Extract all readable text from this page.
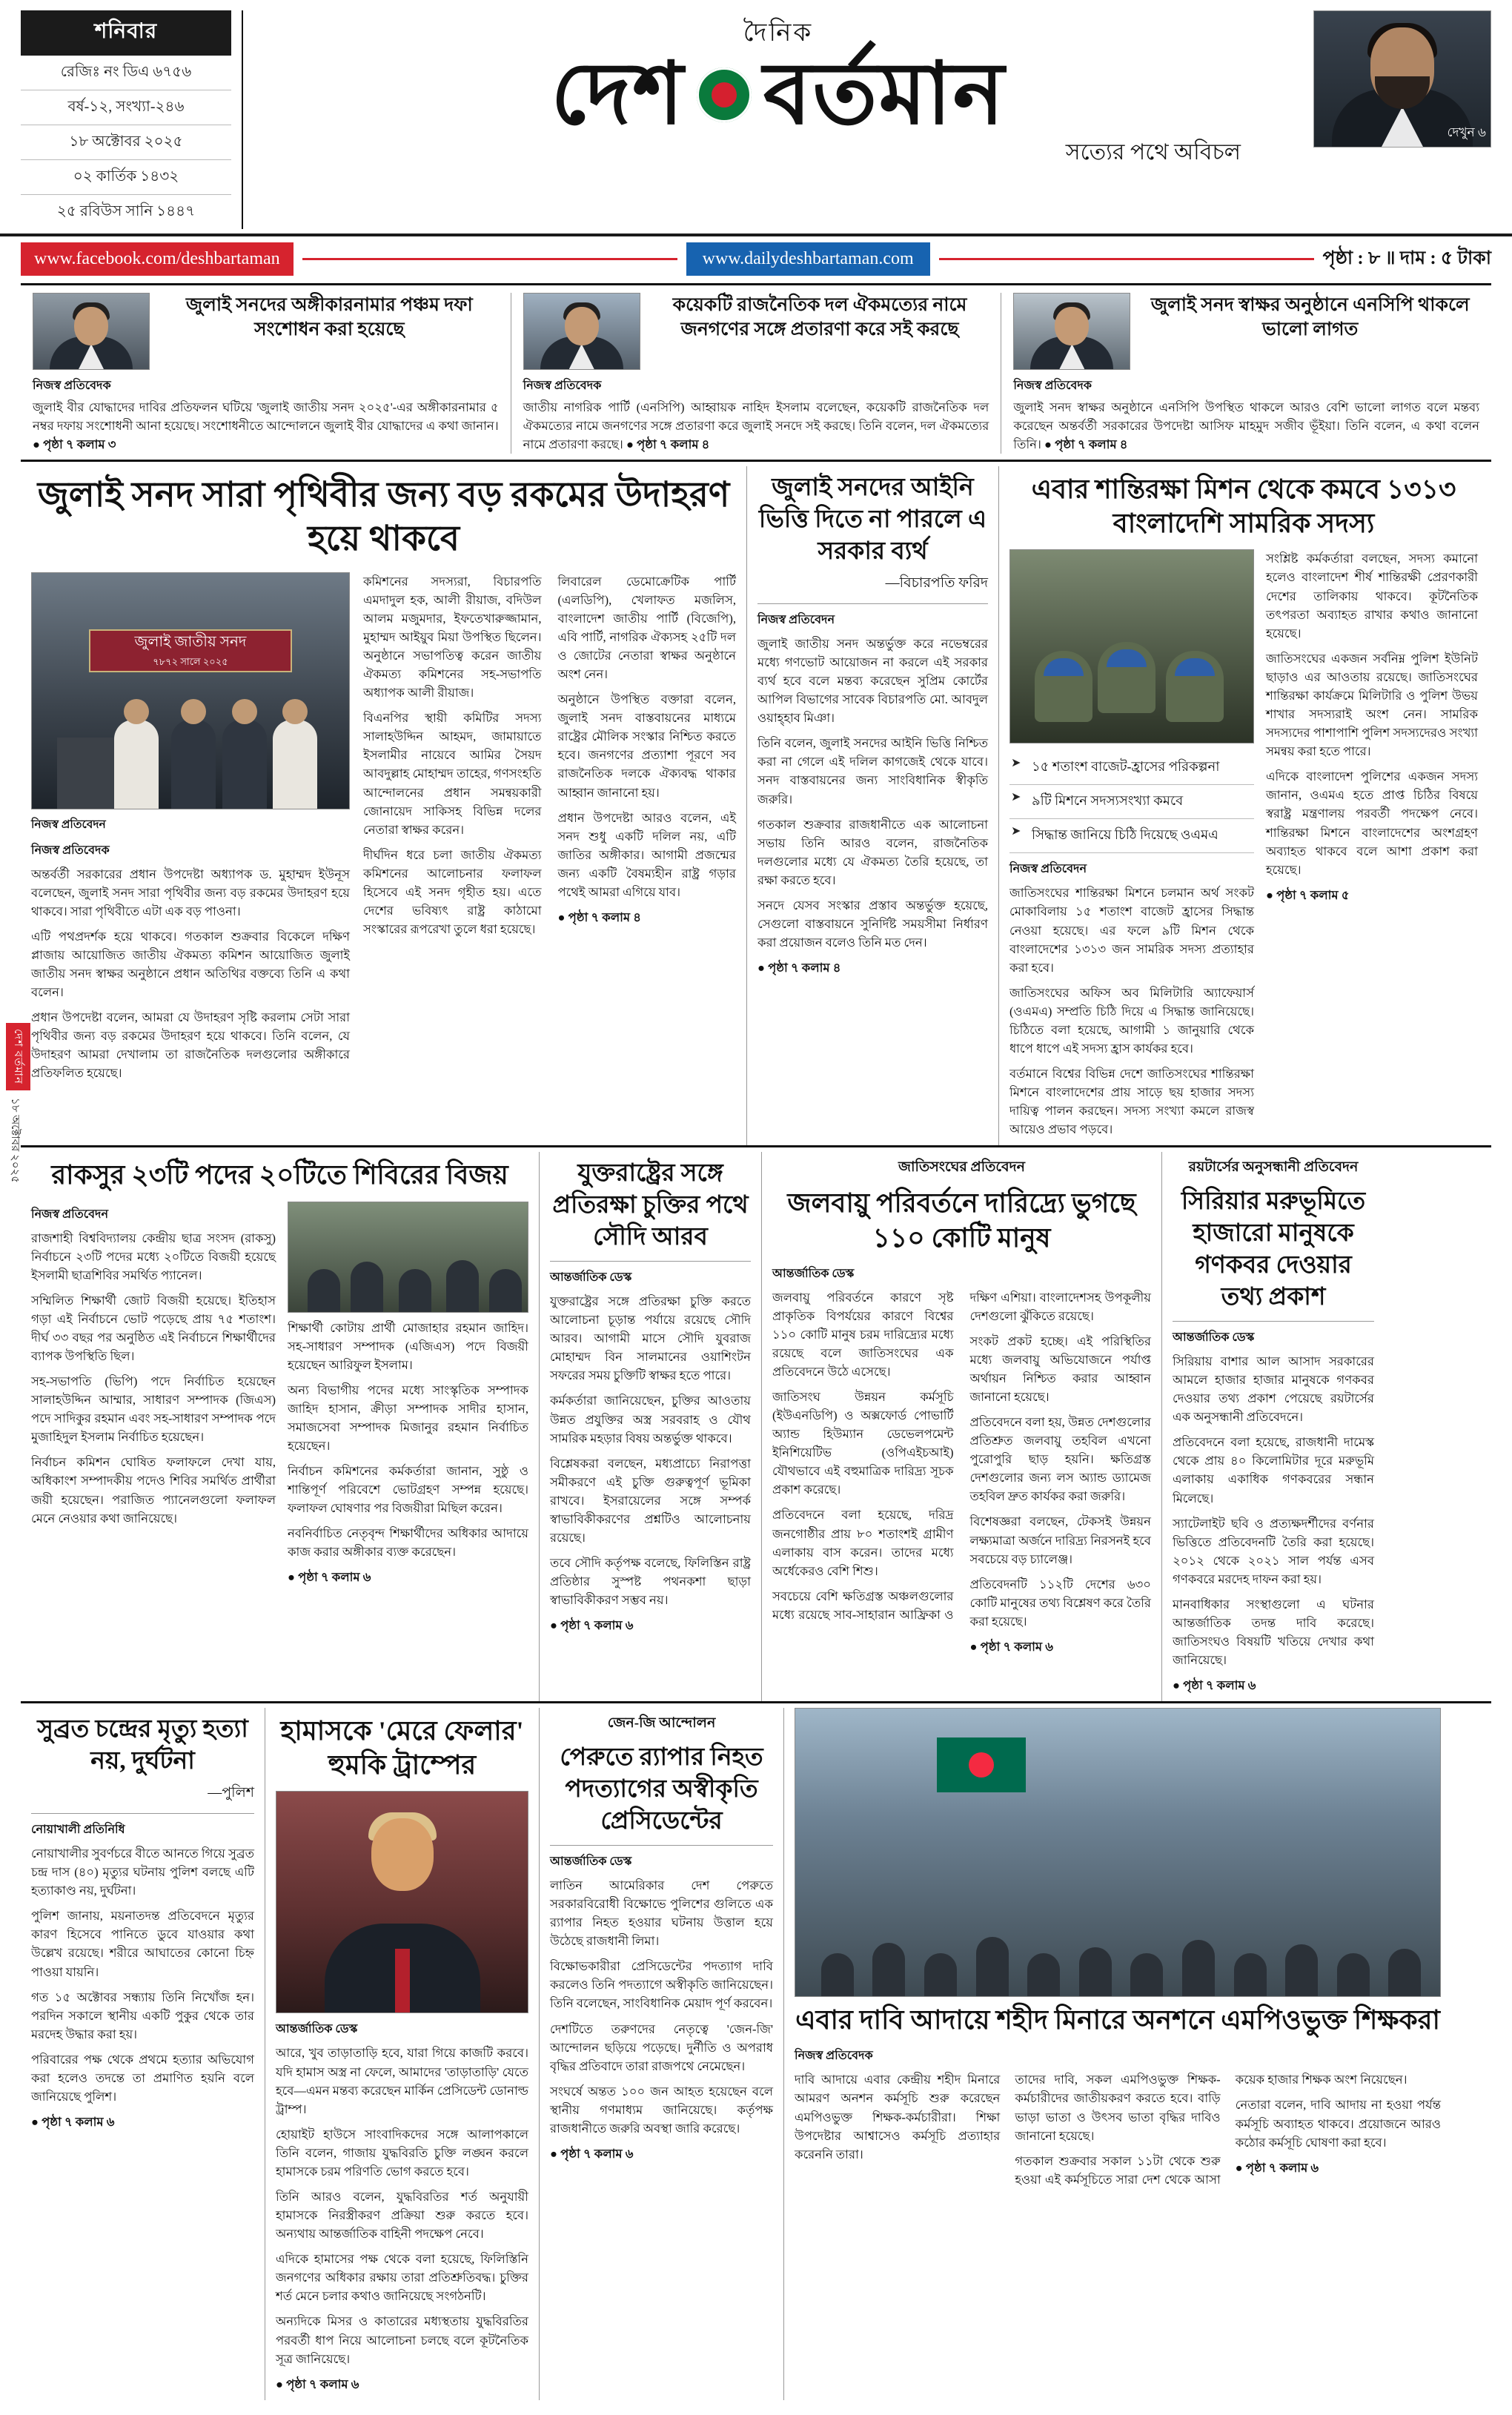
দেশ বর্তমান
১৮ অক্টোবর ২০২৫
শনিবার
রেজিঃ নং ডিএ ৬৭৫৬
বর্ষ-১২, সংখ্যা-২৪৬
১৮ অক্টোবর ২০২৫
০২ কার্তিক ১৪৩২
২৫ রবিউস সানি ১৪৪৭
দৈনিক
দেশ বর্তমান
সত্যের পথে অবিচল
দেখুন ৬
www.facebook.com/deshbartaman	www.dailydeshbartaman.com	পৃষ্ঠা : ৮ ॥ দাম : ৫ টাকা
জুলাই সনদের অঙ্গীকারনামার পঞ্চম দফা সংশোধন করা হয়েছে
নিজস্ব প্রতিবেদক
জুলাই বীর যোদ্ধাদের দাবির প্রতিফলন ঘটিয়ে 'জুলাই জাতীয় সনদ ২০২৫'-এর অঙ্গীকারনামার ৫ নম্বর দফায় সংশোধনী আনা হয়েছে। সংশোধনীতে আন্দোলনে জুলাই বীর যোদ্ধাদের এ কথা জানান। ● পৃষ্ঠা ৭ কলাম ৩
কয়েকটি রাজনৈতিক দল ঐকমত্যের নামে জনগণের সঙ্গে প্রতারণা করে সই করছে
নিজস্ব প্রতিবেদক
জাতীয় নাগরিক পার্টি (এনসিপি) আহ্বায়ক নাহিদ ইসলাম বলেছেন, কয়েকটি রাজনৈতিক দল ঐকমত্যের নামে জনগণের সঙ্গে প্রতারণা করে জুলাই সনদে সই করছে। তিনি বলেন, দল ঐকমত্যের নামে প্রতারণা করছে। ● পৃষ্ঠা ৭ কলাম ৪
জুলাই সনদ স্বাক্ষর অনুষ্ঠানে এনসিপি থাকলে ভালো লাগত
নিজস্ব প্রতিবেদক
জুলাই সনদ স্বাক্ষর অনুষ্ঠানে এনসিপি উপস্থিত থাকলে আরও বেশি ভালো লাগত বলে মন্তব্য করেছেন অন্তর্বর্তী সরকারের উপদেষ্টা আসিফ মাহমুদ সজীব ভূঁইয়া। তিনি বলেন, এ কথা বলেন তিনি। ● পৃষ্ঠা ৭ কলাম ৪
জুলাই সনদ সারা পৃথিবীর জন্য বড় রকমের উদাহরণ হয়ে থাকবে
জুলাই জাতীয় সনদ
৭৮৭২ সালে ২০২৫
নিজস্ব প্রতিবেদন
নিজস্ব প্রতিবেদক

অন্তর্বর্তী সরকারের প্রধান উপদেষ্টা অধ্যাপক ড. মুহাম্মদ ইউনূস বলেছেন, জুলাই সনদ সারা পৃথিবীর জন্য বড় রকমের উদাহরণ হয়ে থাকবে। সারা পৃথিবীতে এটা এক বড় পাওনা।

এটি পথপ্রদর্শক হয়ে থাকবে। গতকাল শুক্রবার বিকেলে দক্ষিণ প্লাজায় আয়োজিত জাতীয় ঐকমত্য কমিশন আয়োজিত জুলাই জাতীয় সনদ স্বাক্ষর অনুষ্ঠানে প্রধান অতিথির বক্তব্যে তিনি এ কথা বলেন।

প্রধান উপদেষ্টা বলেন, আমরা যে উদাহরণ সৃষ্টি করলাম সেটা সারা পৃথিবীর জন্য বড় রকমের উদাহরণ হয়ে থাকবে। তিনি বলেন, যে উদাহরণ আমরা দেখালাম তা রাজনৈতিক দলগুলোর অঙ্গীকারে প্রতিফলিত হয়েছে।

কমিশনের সদস্যরা, বিচারপতি এমদাদুল হক, আলী রীয়াজ, বদিউল আলম মজুমদার, ইফতেখারুজ্জামান, মুহাম্মদ আইয়ুব মিয়া উপস্থিত ছিলেন। অনুষ্ঠানে সভাপতিত্ব করেন জাতীয় ঐকমত্য কমিশনের সহ-সভাপতি অধ্যাপক আলী রীয়াজ।

বিএনপির স্থায়ী কমিটির সদস্য সালাহউদ্দিন আহমদ, জামায়াতে ইসলামীর নায়েবে আমির সৈয়দ আবদুল্লাহ মোহাম্মদ তাহের, গণসংহতি আন্দোলনের প্রধান সমন্বয়কারী জোনায়েদ সাকিসহ বিভিন্ন দলের নেতারা স্বাক্ষর করেন।

দীর্ঘদিন ধরে চলা জাতীয় ঐকমত্য কমিশনের আলোচনার ফলাফল হিসেবে এই সনদ গৃহীত হয়। এতে দেশের ভবিষ্যৎ রাষ্ট্র কাঠামো সংস্কারের রূপরেখা তুলে ধরা হয়েছে।

লিবারেল ডেমোক্রেটিক পার্টি (এলডিপি), খেলাফত মজলিস, বাংলাদেশ জাতীয় পার্টি (বিজেপি), এবি পার্টি, নাগরিক ঐক্যসহ ২৫টি দল ও জোটের নেতারা স্বাক্ষর অনুষ্ঠানে অংশ নেন।

অনুষ্ঠানে উপস্থিত বক্তারা বলেন, জুলাই সনদ বাস্তবায়নের মাধ্যমে রাষ্ট্রের মৌলিক সংস্কার নিশ্চিত করতে হবে। জনগণের প্রত্যাশা পূরণে সব রাজনৈতিক দলকে ঐক্যবদ্ধ থাকার আহ্বান জানানো হয়।

প্রধান উপদেষ্টা আরও বলেন, এই সনদ শুধু একটি দলিল নয়, এটি জাতির অঙ্গীকার। আগামী প্রজন্মের জন্য একটি বৈষম্যহীন রাষ্ট্র গড়ার পথেই আমরা এগিয়ে যাব।

● পৃষ্ঠা ৭ কলাম ৪

জুলাই সনদের আইনি ভিত্তি দিতে না পারলে এ সরকার ব্যর্থ
—বিচারপতি ফরিদ
নিজস্ব প্রতিবেদন

জুলাই জাতীয় সনদ অন্তর্ভুক্ত করে নভেম্বরের মধ্যে গণভোট আয়োজন না করলে এই সরকার ব্যর্থ হবে বলে মন্তব্য করেছেন সুপ্রিম কোর্টের আপিল বিভাগের সাবেক বিচারপতি মো. আবদুল ওয়াহ্হাব মিঞা।

তিনি বলেন, জুলাই সনদের আইনি ভিত্তি নিশ্চিত করা না গেলে এই দলিল কাগজেই থেকে যাবে। সনদ বাস্তবায়নের জন্য সাংবিধানিক স্বীকৃতি জরুরি।

গতকাল শুক্রবার রাজধানীতে এক আলোচনা সভায় তিনি আরও বলেন, রাজনৈতিক দলগুলোর মধ্যে যে ঐকমত্য তৈরি হয়েছে, তা রক্ষা করতে হবে।

সনদে যেসব সংস্কার প্রস্তাব অন্তর্ভুক্ত হয়েছে, সেগুলো বাস্তবায়নে সুনির্দিষ্ট সময়সীমা নির্ধারণ করা প্রয়োজন বলেও তিনি মত দেন।

● পৃষ্ঠা ৭ কলাম ৪

এবার শান্তিরক্ষা মিশন থেকে কমবে ১৩১৩ বাংলাদেশি সামরিক সদস্য
➤ ১৫ শতাংশ বাজেট-হ্রাসের পরিকল্পনা
➤ ৯টি মিশনে সদস্যসংখ্যা কমবে
➤ সিদ্ধান্ত জানিয়ে চিঠি দিয়েছে ওএমএ
নিজস্ব প্রতিবেদন

জাতিসংঘের শান্তিরক্ষা মিশনে চলমান অর্থ সংকট মোকাবিলায় ১৫ শতাংশ বাজেট হ্রাসের সিদ্ধান্ত নেওয়া হয়েছে। এর ফলে ৯টি মিশন থেকে বাংলাদেশের ১৩১৩ জন সামরিক সদস্য প্রত্যাহার করা হবে।

জাতিসংঘের অফিস অব মিলিটারি অ্যাফেয়ার্স (ওএমএ) সম্প্রতি চিঠি দিয়ে এ সিদ্ধান্ত জানিয়েছে। চিঠিতে বলা হয়েছে, আগামী ১ জানুয়ারি থেকে ধাপে ধাপে এই সদস্য হ্রাস কার্যকর হবে।

বর্তমানে বিশ্বের বিভিন্ন দেশে জাতিসংঘের শান্তিরক্ষা মিশনে বাংলাদেশের প্রায় সাড়ে ছয় হাজার সদস্য দায়িত্ব পালন করছেন। সদস্য সংখ্যা কমলে রাজস্ব আয়েও প্রভাব পড়বে।

সংশ্লিষ্ট কর্মকর্তারা বলছেন, সদস্য কমানো হলেও বাংলাদেশ শীর্ষ শান্তিরক্ষী প্রেরণকারী দেশের তালিকায় থাকবে। কূটনৈতিক তৎপরতা অব্যাহত রাখার কথাও জানানো হয়েছে।

জাতিসংঘের একজন সর্বনিম্ন পুলিশ ইউনিট ছাড়াও এর আওতায় রয়েছে। জাতিসংঘের শান্তিরক্ষা কার্যক্রমে মিলিটারি ও পুলিশ উভয় শাখার সদস্যরাই অংশ নেন। সামরিক সদস্যদের পাশাপাশি পুলিশ সদস্যদেরও সংখ্যা সমন্বয় করা হতে পারে।

এদিকে বাংলাদেশ পুলিশের একজন সদস্য জানান, ওএমএ হতে প্রাপ্ত চিঠির বিষয়ে স্বরাষ্ট্র মন্ত্রণালয় পরবর্তী পদক্ষেপ নেবে। শান্তিরক্ষা মিশনে বাংলাদেশের অংশগ্রহণ অব্যাহত থাকবে বলে আশা প্রকাশ করা হয়েছে।

● পৃষ্ঠা ৭ কলাম ৫

রাকসুর ২৩টি পদের ২০টিতে শিবিরের বিজয়
নিজস্ব প্রতিবেদন

রাজশাহী বিশ্ববিদ্যালয় কেন্দ্রীয় ছাত্র সংসদ (রাকসু) নির্বাচনে ২৩টি পদের মধ্যে ২০টিতে বিজয়ী হয়েছে ইসলামী ছাত্রশিবির সমর্থিত প্যানেল।

সম্মিলিত শিক্ষার্থী জোট বিজয়ী হয়েছে। ইতিহাস গড়া এই নির্বাচনে ভোট পড়েছে প্রায় ৭৫ শতাংশ। দীর্ঘ ৩৩ বছর পর অনুষ্ঠিত এই নির্বাচনে শিক্ষার্থীদের ব্যাপক উপস্থিতি ছিল।

সহ-সভাপতি (ভিপি) পদে নির্বাচিত হয়েছেন সালাহউদ্দিন আম্মার, সাধারণ সম্পাদক (জিএস) পদে সাদিকুর রহমান এবং সহ-সাধারণ সম্পাদক পদে মুজাহিদুল ইসলাম নির্বাচিত হয়েছেন।

নির্বাচন কমিশন ঘোষিত ফলাফলে দেখা যায়, অধিকাংশ সম্পাদকীয় পদেও শিবির সমর্থিত প্রার্থীরা জয়ী হয়েছেন। পরাজিত প্যানেলগুলো ফলাফল মেনে নেওয়ার কথা জানিয়েছে।

শিক্ষার্থী কোটায় প্রার্থী মোজাহার রহমান জাহিদ। সহ-সাধারণ সম্পাদক (এজিএস) পদে বিজয়ী হয়েছেন আরিফুল ইসলাম।

অন্য বিভাগীয় পদের মধ্যে সাংস্কৃতিক সম্পাদক জাহিদ হাসান, ক্রীড়া সম্পাদক সাদীর হাসান, সমাজসেবা সম্পাদক মিজানুর রহমান নির্বাচিত হয়েছেন।

নির্বাচন কমিশনের কর্মকর্তারা জানান, সুষ্ঠু ও শান্তিপূর্ণ পরিবেশে ভোটগ্রহণ সম্পন্ন হয়েছে। ফলাফল ঘোষণার পর বিজয়ীরা মিছিল করেন।

নবনির্বাচিত নেতৃবৃন্দ শিক্ষার্থীদের অধিকার আদায়ে কাজ করার অঙ্গীকার ব্যক্ত করেছেন।

● পৃষ্ঠা ৭ কলাম ৬

যুক্তরাষ্ট্রের সঙ্গে প্রতিরক্ষা চুক্তির পথে সৌদি আরব
আন্তর্জাতিক ডেস্ক

যুক্তরাষ্ট্রের সঙ্গে প্রতিরক্ষা চুক্তি করতে আলোচনা চূড়ান্ত পর্যায়ে রয়েছে সৌদি আরব। আগামী মাসে সৌদি যুবরাজ মোহাম্মদ বিন সালমানের ওয়াশিংটন সফরের সময় চুক্তিটি স্বাক্ষর হতে পারে।

কর্মকর্তারা জানিয়েছেন, চুক্তির আওতায় উন্নত প্রযুক্তির অস্ত্র সরবরাহ ও যৌথ সামরিক মহড়ার বিষয় অন্তর্ভুক্ত থাকবে।

বিশ্লেষকরা বলছেন, মধ্যপ্রাচ্যে নিরাপত্তা সমীকরণে এই চুক্তি গুরুত্বপূর্ণ ভূমিকা রাখবে। ইসরায়েলের সঙ্গে সম্পর্ক স্বাভাবিকীকরণের প্রশ্নটিও আলোচনায় রয়েছে।

তবে সৌদি কর্তৃপক্ষ বলেছে, ফিলিস্তিন রাষ্ট্র প্রতিষ্ঠার সুস্পষ্ট পথনকশা ছাড়া স্বাভাবিকীকরণ সম্ভব নয়।

● পৃষ্ঠা ৭ কলাম ৬

জাতিসংঘের প্রতিবেদন
জলবায়ু পরিবর্তনে দারিদ্র্যে ভুগছে ১১০ কোটি মানুষ
আন্তর্জাতিক ডেস্ক

জলবায়ু পরিবর্তনে কারণে সৃষ্ট প্রাকৃতিক বিপর্যয়ের কারণে বিশ্বের ১১০ কোটি মানুষ চরম দারিদ্র্যের মধ্যে রয়েছে বলে জাতিসংঘের এক প্রতিবেদনে উঠে এসেছে।

জাতিসংঘ উন্নয়ন কর্মসূচি (ইউএনডিপি) ও অক্সফোর্ড পোভার্টি অ্যান্ড হিউম্যান ডেভেলপমেন্ট ইনিশিয়েটিভ (ওপিএইচআই) যৌথভাবে এই বহুমাত্রিক দারিদ্র্য সূচক প্রকাশ করেছে।

প্রতিবেদনে বলা হয়েছে, দরিদ্র জনগোষ্ঠীর প্রায় ৮০ শতাংশই গ্রামীণ এলাকায় বাস করেন। তাদের মধ্যে অর্ধেকেরও বেশি শিশু।

সবচেয়ে বেশি ক্ষতিগ্রস্ত অঞ্চলগুলোর মধ্যে রয়েছে সাব-সাহারান আফ্রিকা ও দক্ষিণ এশিয়া। বাংলাদেশসহ উপকূলীয় দেশগুলো ঝুঁকিতে রয়েছে।

সংকট প্রকট হচ্ছে। এই পরিস্থিতির মধ্যে জলবায়ু অভিযোজনে পর্যাপ্ত অর্থায়ন নিশ্চিত করার আহ্বান জানানো হয়েছে।

প্রতিবেদনে বলা হয়, উন্নত দেশগুলোর প্রতিশ্রুত জলবায়ু তহবিল এখনো পুরোপুরি ছাড় হয়নি। ক্ষতিগ্রস্ত দেশগুলোর জন্য লস অ্যান্ড ড্যামেজ তহবিল দ্রুত কার্যকর করা জরুরি।

বিশেষজ্ঞরা বলছেন, টেকসই উন্নয়ন লক্ষ্যমাত্রা অর্জনে দারিদ্র্য নিরসনই হবে সবচেয়ে বড় চ্যালেঞ্জ।

প্রতিবেদনটি ১১২টি দেশের ৬৩০ কোটি মানুষের তথ্য বিশ্লেষণ করে তৈরি করা হয়েছে।

● পৃষ্ঠা ৭ কলাম ৬

রয়টার্সের অনুসন্ধানী প্রতিবেদন
সিরিয়ার মরুভূমিতে হাজারো মানুষকে গণকবর দেওয়ার তথ্য প্রকাশ
আন্তর্জাতিক ডেস্ক

সিরিয়ায় বাশার আল আসাদ সরকারের আমলে হাজার হাজার মানুষকে গণকবর দেওয়ার তথ্য প্রকাশ পেয়েছে রয়টার্সের এক অনুসন্ধানী প্রতিবেদনে।

প্রতিবেদনে বলা হয়েছে, রাজধানী দামেস্ক থেকে প্রায় ৪০ কিলোমিটার দূরে মরুভূমি এলাকায় একাধিক গণকবরের সন্ধান মিলেছে।

স্যাটেলাইট ছবি ও প্রত্যক্ষদর্শীদের বর্ণনার ভিত্তিতে প্রতিবেদনটি তৈরি করা হয়েছে। ২০১২ থেকে ২০২১ সাল পর্যন্ত এসব গণকবরে মরদেহ দাফন করা হয়।

মানবাধিকার সংস্থাগুলো এ ঘটনার আন্তর্জাতিক তদন্ত দাবি করেছে। জাতিসংঘও বিষয়টি খতিয়ে দেখার কথা জানিয়েছে।

● পৃষ্ঠা ৭ কলাম ৬

সুব্রত চন্দ্রের মৃত্যু হত্যা নয়, দুর্ঘটনা
—পুলিশ
নোয়াখালী প্রতিনিধি

নোয়াখালীর সুবর্ণচরে বীতে আনতে গিয়ে সুব্রত চন্দ্র দাস (৪০) মৃত্যুর ঘটনায় পুলিশ বলছে এটি হত্যাকাণ্ড নয়, দুর্ঘটনা।

পুলিশ জানায়, ময়নাতদন্ত প্রতিবেদনে মৃত্যুর কারণ হিসেবে পানিতে ডুবে যাওয়ার কথা উল্লেখ রয়েছে। শরীরে আঘাতের কোনো চিহ্ন পাওয়া যায়নি।

গত ১৫ অক্টোবর সন্ধ্যায় তিনি নিখোঁজ হন। পরদিন সকালে স্থানীয় একটি পুকুর থেকে তার মরদেহ উদ্ধার করা হয়।

পরিবারের পক্ষ থেকে প্রথমে হত্যার অভিযোগ করা হলেও তদন্তে তা প্রমাণিত হয়নি বলে জানিয়েছে পুলিশ।

● পৃষ্ঠা ৭ কলাম ৬

হামাসকে 'মেরে ফেলার' হুমকি ট্রাম্পের
আন্তর্জাতিক ডেস্ক

আরে, খুব তাড়াতাড়ি হবে, যারা গিয়ে কাজটি করবে। যদি হামাস অস্ত্র না ফেলে, আমাদের 'তাড়াতাড়ি' যেতে হবে—এমন মন্তব্য করেছেন মার্কিন প্রেসিডেন্ট ডোনাল্ড ট্রাম্প।

হোয়াইট হাউসে সাংবাদিকদের সঙ্গে আলাপকালে তিনি বলেন, গাজায় যুদ্ধবিরতি চুক্তি লঙ্ঘন করলে হামাসকে চরম পরিণতি ভোগ করতে হবে।

তিনি আরও বলেন, যুদ্ধবিরতির শর্ত অনুযায়ী হামাসকে নিরস্ত্রীকরণ প্রক্রিয়া শুরু করতে হবে। অন্যথায় আন্তর্জাতিক বাহিনী পদক্ষেপ নেবে।

এদিকে হামাসের পক্ষ থেকে বলা হয়েছে, ফিলিস্তিনি জনগণের অধিকার রক্ষায় তারা প্রতিশ্রুতিবদ্ধ। চুক্তির শর্ত মেনে চলার কথাও জানিয়েছে সংগঠনটি।

অন্যদিকে মিসর ও কাতারের মধ্যস্থতায় যুদ্ধবিরতির পরবর্তী ধাপ নিয়ে আলোচনা চলছে বলে কূটনৈতিক সূত্র জানিয়েছে।

● পৃষ্ঠা ৭ কলাম ৬

জেন-জি আন্দোলন
পেরুতে র‍্যাপার নিহত পদত্যাগের অস্বীকৃতি প্রেসিডেন্টের
আন্তর্জাতিক ডেস্ক

লাতিন আমেরিকার দেশ পেরুতে সরকারবিরোধী বিক্ষোভে পুলিশের গুলিতে এক র‍্যাপার নিহত হওয়ার ঘটনায় উত্তাল হয়ে উঠেছে রাজধানী লিমা।

বিক্ষোভকারীরা প্রেসিডেন্টের পদত্যাগ দাবি করলেও তিনি পদত্যাগে অস্বীকৃতি জানিয়েছেন। তিনি বলেছেন, সাংবিধানিক মেয়াদ পূর্ণ করবেন।

দেশটিতে তরুণদের নেতৃত্বে 'জেন-জি' আন্দোলন ছড়িয়ে পড়েছে। দুর্নীতি ও অপরাধ বৃদ্ধির প্রতিবাদে তারা রাজপথে নেমেছেন।

সংঘর্ষে অন্তত ১০০ জন আহত হয়েছেন বলে স্থানীয় গণমাধ্যম জানিয়েছে। কর্তৃপক্ষ রাজধানীতে জরুরি অবস্থা জারি করেছে।

● পৃষ্ঠা ৭ কলাম ৬

এবার দাবি আদায়ে শহীদ মিনারে অনশনে এমপিওভুক্ত শিক্ষকরা
নিজস্ব প্রতিবেদক

দাবি আদায়ে এবার কেন্দ্রীয় শহীদ মিনারে আমরণ অনশন কর্মসূচি শুরু করেছেন এমপিওভুক্ত শিক্ষক-কর্মচারীরা। শিক্ষা উপদেষ্টার আশ্বাসেও কর্মসূচি প্রত্যাহার করেননি তারা।

তাদের দাবি, সকল এমপিওভুক্ত শিক্ষক-কর্মচারীদের জাতীয়করণ করতে হবে। বাড়ি ভাড়া ভাতা ও উৎসব ভাতা বৃদ্ধির দাবিও জানানো হয়েছে।

গতকাল শুক্রবার সকাল ১১টা থেকে শুরু হওয়া এই কর্মসূচিতে সারা দেশ থেকে আসা কয়েক হাজার শিক্ষক অংশ নিয়েছেন।

নেতারা বলেন, দাবি আদায় না হওয়া পর্যন্ত কর্মসূচি অব্যাহত থাকবে। প্রয়োজনে আরও কঠোর কর্মসূচি ঘোষণা করা হবে।

● পৃষ্ঠা ৭ কলাম ৬
